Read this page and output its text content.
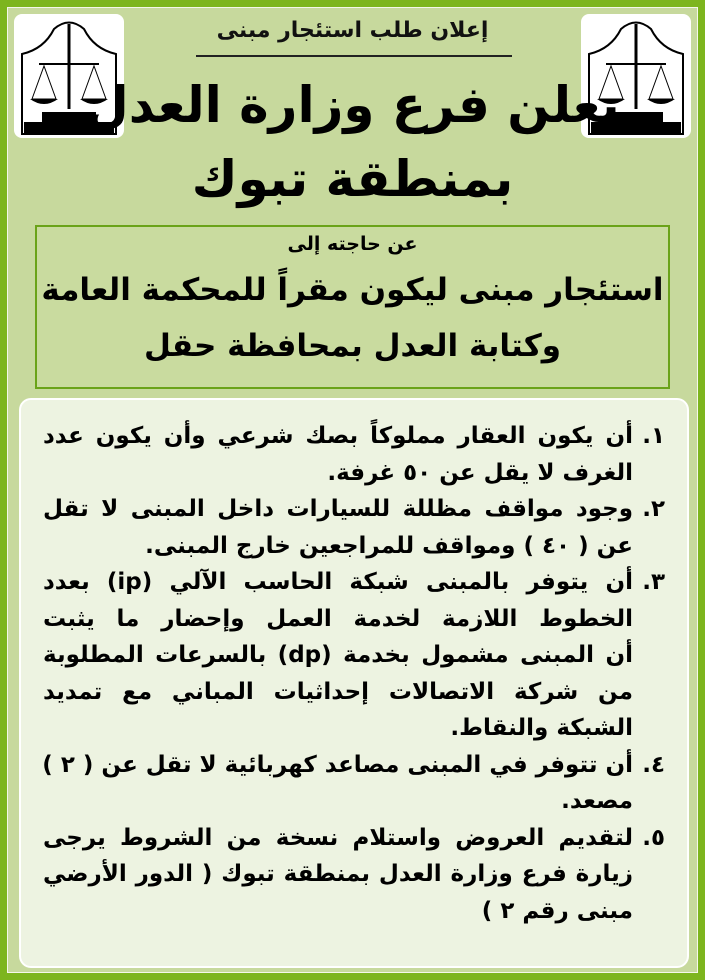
إعلان طلب استئجار مبنى
يعلن فرع وزارة العدل
بمنطقة تبوك
عن حاجته إلى
استئجار مبنى ليكون مقراً للمحكمة العامة
وكتابة العدل بمحافظة حقل
١.
أن يكون العقار مملوكاً بصك شرعي وأن يكون عدد
الغرف لا يقل عن ٥٠ غرفة.
٢.
وجود مواقف مظللة للسيارات داخل المبنى لا تقل
عن ( ٤٠ ) ومواقف للمراجعين خارج المبنى.
٣.
أن يتوفر بالمبنى شبكة الحاسب الآلي (ip) بعدد
الخطوط اللازمة لخدمة العمل وإحضار ما يثبت
أن المبنى مشمول بخدمة (dp) بالسرعات المطلوبة
من شركة الاتصالات إحداثيات المباني مع تمديد
الشبكة والنقاط.
٤.
أن تتوفر في المبنى مصاعد كهربائية لا تقل عن ( ٢ )
مصعد.
٥.
لتقديم العروض واستلام نسخة من الشروط يرجى
زيارة فرع وزارة العدل بمنطقة تبوك ( الدور الأرضي
مبنى رقم ٢ )
